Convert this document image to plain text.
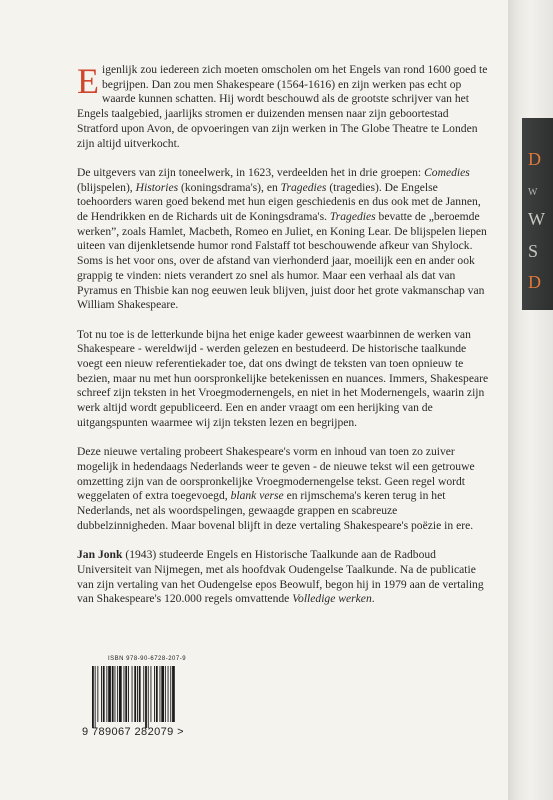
Eigenlijk zou iedereen zich moeten omscholen om het Engels van rond 1600 goed te begrijpen. Dan zou men Shakespeare (1564-1616) en zijn werken pas echt op waarde kunnen schatten. Hij wordt beschouwd als de grootste schrijver van het Engels taalgebied, jaarlijks stromen er duizenden mensen naar zijn geboortestad Stratford upon Avon, de opvoeringen van zijn werken in The Globe Theatre te Londen zijn altijd uitverkocht.

De uitgevers van zijn toneelwerk, in 1623, verdeelden het in drie groepen: Comedies (blijspelen), Histories (koningsdrama's), en Tragedies (tragedies). De Engelse toehoorders waren goed bekend met hun eigen geschiedenis en dus ook met de Jannen, de Hendrikken en de Richards uit de Koningsdrama's. Tragedies bevatte de „beroemde werken”, zoals Hamlet, Macbeth, Romeo en Juliet, en Koning Lear. De blijspelen liepen uiteen van dijenkletsende humor rond Falstaff tot beschouwende afkeur van Shylock. Soms is het voor ons, over de afstand van vierhonderd jaar, moeilijk een en ander ook grappig te vinden: niets verandert zo snel als humor. Maar een verhaal als dat van Pyramus en Thisbie kan nog eeuwen leuk blijven, juist door het grote vakmanschap van William Shakespeare.

Tot nu toe is de letterkunde bijna het enige kader geweest waarbinnen de werken van Shakespeare - wereldwijd - werden gelezen en bestudeerd. De historische taalkunde voegt een nieuw referentiekader toe, dat ons dwingt de teksten van toen opnieuw te bezien, maar nu met hun oorspronkelijke betekenissen en nuances. Immers, Shakespeare schreef zijn teksten in het Vroegmodernengels, en niet in het Modernengels, waarin zijn werk altijd wordt gepubliceerd. Een en ander vraagt om een herijking van de uitgangspunten waarmee wij zijn teksten lezen en begrijpen.

Deze nieuwe vertaling probeert Shakespeare's vorm en inhoud van toen zo zuiver mogelijk in hedendaags Nederlands weer te geven - de nieuwe tekst wil een getrouwe omzetting zijn van de oorspronkelijke Vroegmodernengelse tekst. Geen regel wordt weggelaten of extra toegevoegd, blank verse en rijmschema's keren terug in het Nederlands, net als woordspelingen, gewaagde grappen en scabreuze dubbelzinnigheden. Maar bovenal blijft in deze vertaling Shakespeare's poëzie in ere.

Jan Jonk (1943) studeerde Engels en Historische Taalkunde aan de Radboud Universiteit van Nijmegen, met als hoofdvak Oudengelse Taalkunde. Na de publicatie van zijn vertaling van het Oudengelse epos Beowulf, begon hij in 1979 aan de vertaling van Shakespeare's 120.000 regels omvattende Volledige werken.

ISBN 978-90-6728-207-9
9 789067 282079 >
D
W
W
S
D
